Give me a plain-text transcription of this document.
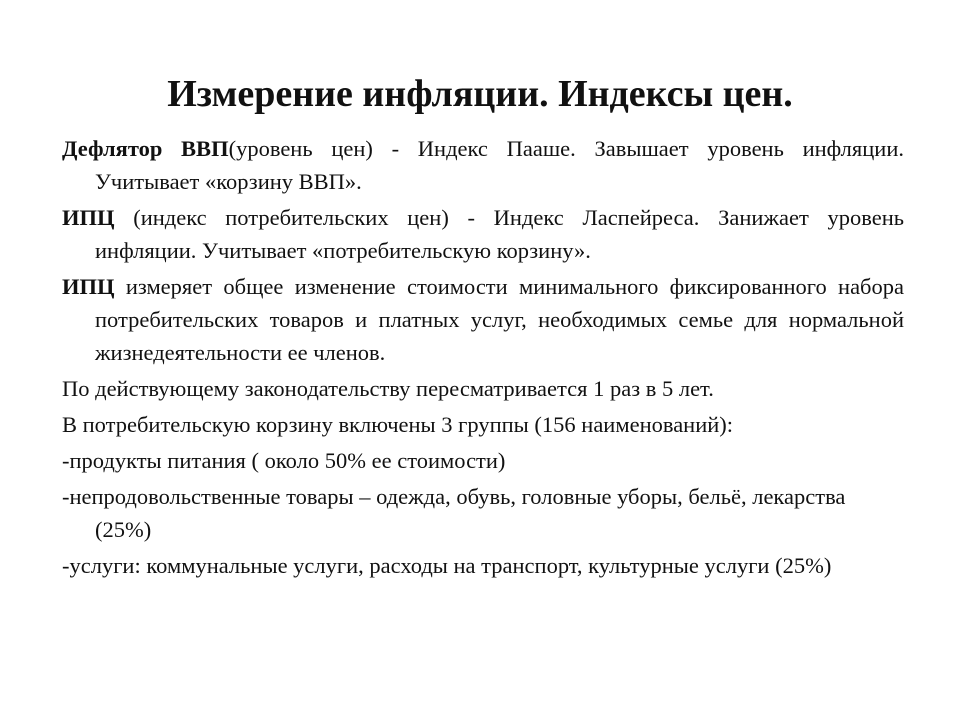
Измерение инфляции. Индексы цен.

Дефлятор ВВП(уровень цен) - Индекс Пааше. Завышает уровень инфляции. Учитывает «корзину ВВП».

ИПЦ (индекс потребительских цен) - Индекс Ласпейреса. Занижает уровень инфляции. Учитывает «потребительскую корзину».

ИПЦ измеряет общее изменение стоимости минимального фиксированного набора потребительских товаров и платных услуг, необходимых семье для нормальной жизнедеятельности ее членов.

По действующему законодательству пересматривается 1 раз в 5 лет.

В потребительскую корзину включены 3 группы (156 наименований):

-продукты питания ( около 50% ее стоимости)

-непродовольственные товары – одежда, обувь, головные уборы, бельё, лекарства (25%)

-услуги: коммунальные услуги, расходы на транспорт, культурные услуги (25%)
